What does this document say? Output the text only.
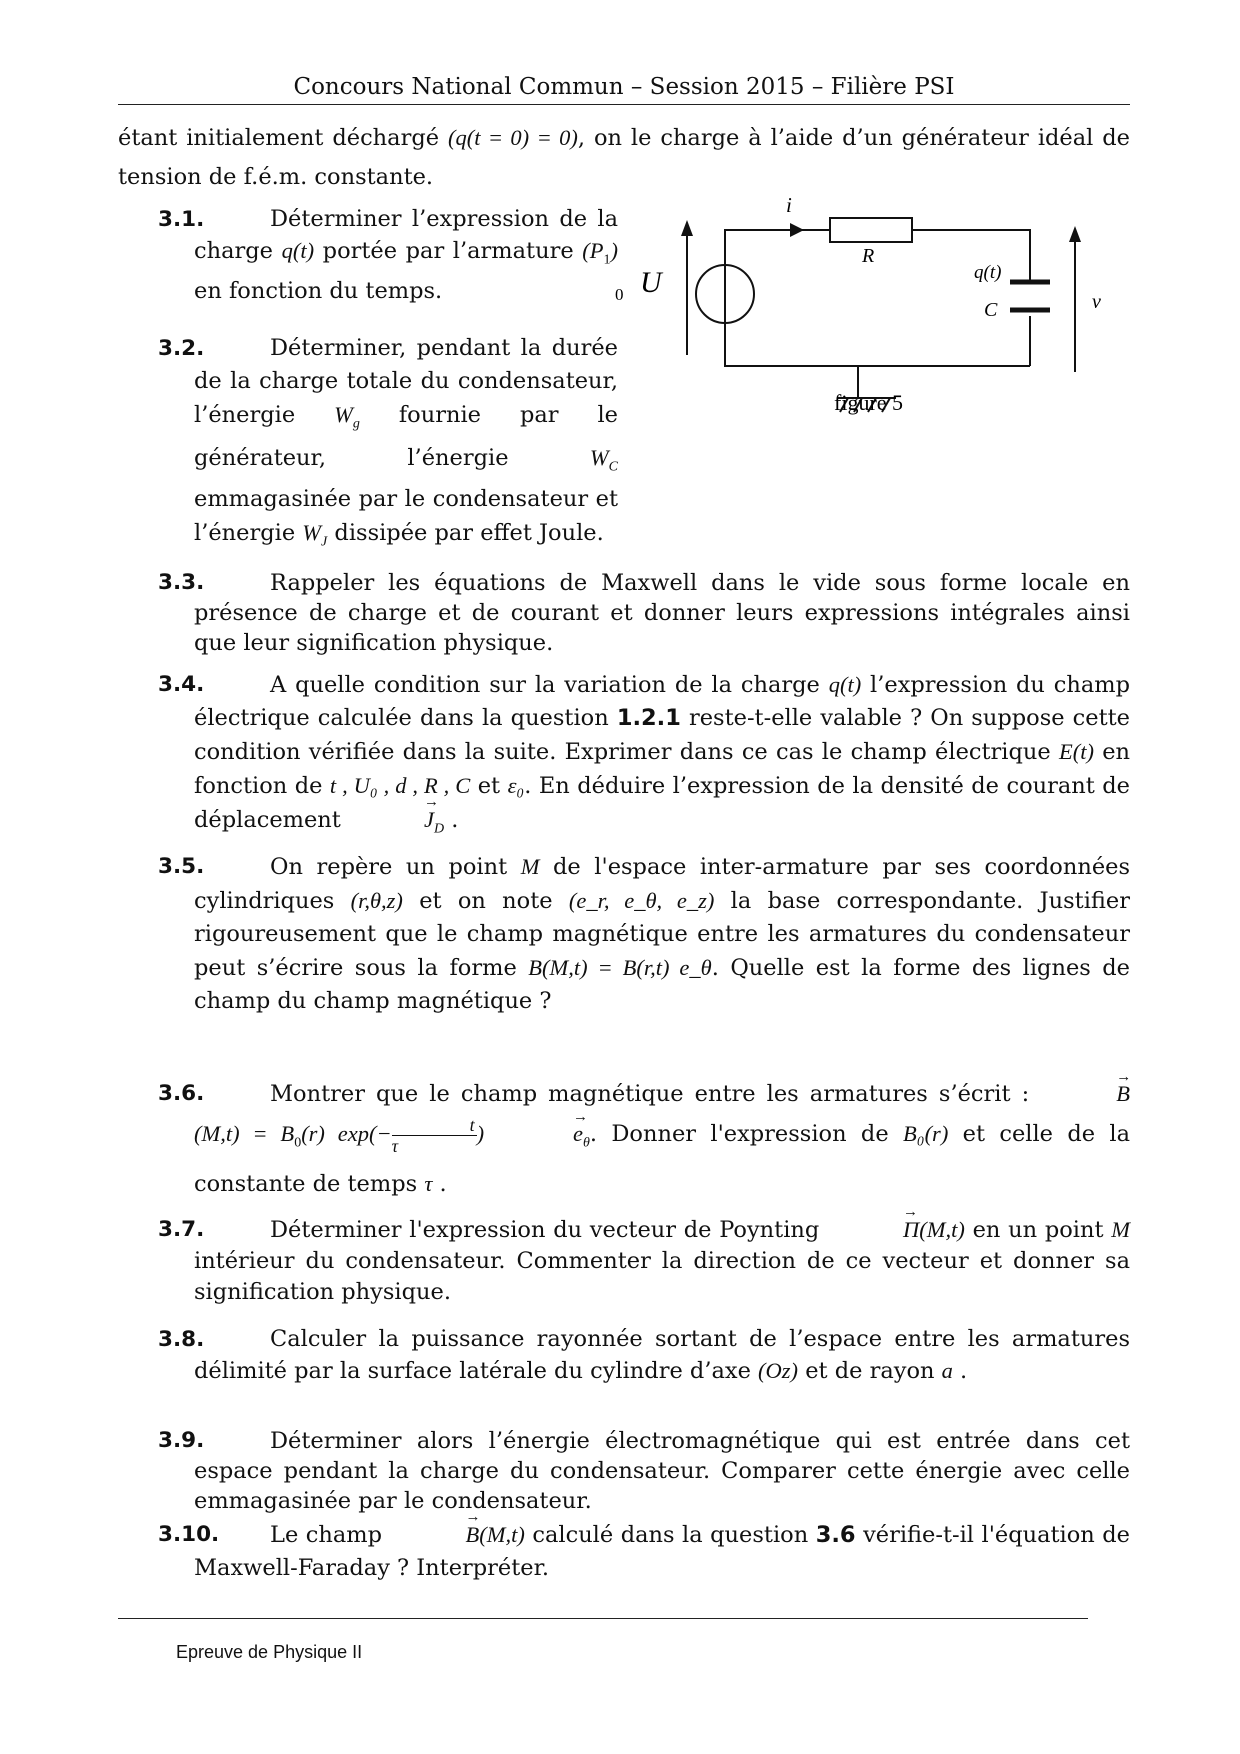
Concours National Commun – Session 2015 – Filière PSI
étant initialement déchargé (q(t = 0) = 0), on le charge à l’aide d’un générateur idéal de tension de f.é.m. constante.
i
R
U
0
q(t)
C	v
figure 5
3.1.	Déterminer l’expression de la charge q(t) portée par l’armature $(P_1)$ en fonction du temps.
3.2.	Déterminer, pendant la durée de la charge totale du condensateur, l’énergie $W_g$ fournie par le générateur, l’énergie $W_C$ emmagasinée par le condensateur et l’énergie $W_J$ dissipée par effet Joule.
3.3.	Rappeler les équations de Maxwell dans le vide sous forme locale en présence de charge et de courant et donner leurs expressions intégrales ainsi que leur signification physique.
3.4.	A quelle condition sur la variation de la charge q(t) l’expression du champ électrique calculée dans la question 1.2.1 reste-t-elle valable ? On suppose cette condition vérifiée dans la suite. Exprimer dans ce cas le champ électrique E(t) en fonction de t , U₀ , d , R , C et ε₀. En déduire l’expression de la densité de courant de déplacement	→ $J_D$ .
3.5.	On repère un point M de l'espace inter-armature par ses coordonnées cylindriques (r,θ,z) et on note (e_r, e_θ, e_z) la base correspondante. Justifier rigoureusement que le champ magnétique entre les armatures du condensateur peut s’écrire sous la forme B(M,t) = B(r,t) e_θ. Quelle est la forme des lignes de champ du champ magnétique ?
3.6.	Montrer que le champ magnétique entre les armatures s’écrit :	→ $B(M,t) = B_0(r)$ $\exp(- \frac{t}{\tau})$	→ $e_\theta$. Donner l'expression de B₀(r) et celle de la constante de temps τ .
3.7.	Déterminer l'expression du vecteur de Poynting	→ Π(M,t) en un point M intérieur du condensateur. Commenter la direction de ce vecteur et donner sa signification physique.
3.8.	Calculer la puissance rayonnée sortant de l’espace entre les armatures délimité par la surface latérale du cylindre d’axe (Oz) et de rayon a .
3.9.	Déterminer alors l’énergie électromagnétique qui est entrée dans cet espace pendant la charge du condensateur. Comparer cette énergie avec celle emmagasinée par le condensateur.
3.10.	Le champ	→ B(M,t) calculé dans la question 3.6 vérifie-t-il l'équation de Maxwell-Faraday ? Interpréter.
Epreuve de Physique II
